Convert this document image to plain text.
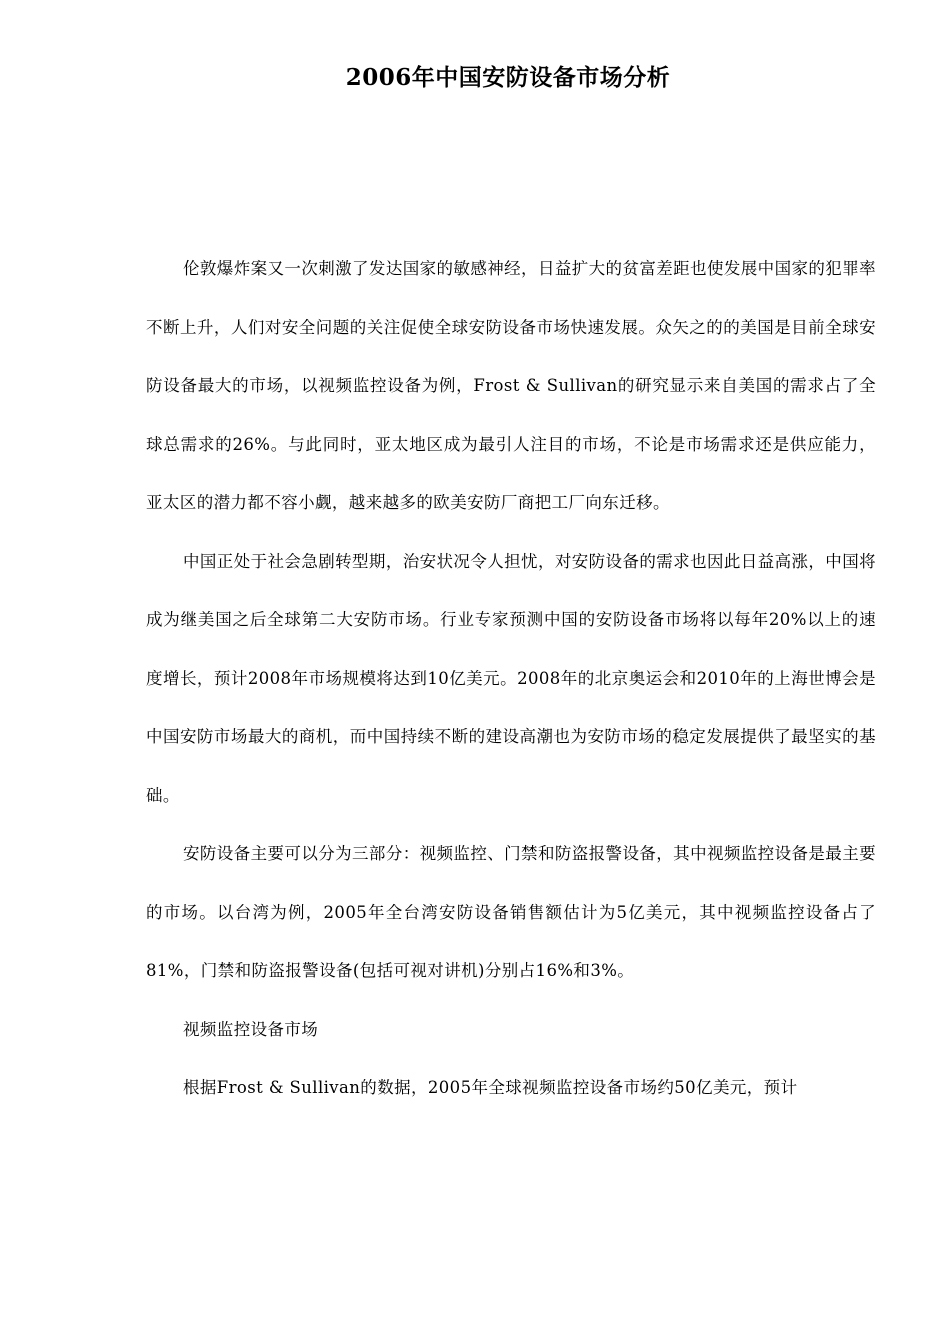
2006年中国安防设备市场分析

伦敦爆炸案又一次刺激了发达国家的敏感神经，日益扩大的贫富差距也使发展中国家的犯罪率不断上升，人们对安全问题的关注促使全球安防设备市场快速发展。众矢之的的美国是目前全球安防设备最大的市场，以视频监控设备为例，Frost & Sullivan的研究显示来自美国的需求占了全球总需求的26%。与此同时，亚太地区成为最引人注目的市场，不论是市场需求还是供应能力，亚太区的潜力都不容小觑，越来越多的欧美安防厂商把工厂向东迁移。

中国正处于社会急剧转型期，治安状况令人担忧，对安防设备的需求也因此日益高涨，中国将成为继美国之后全球第二大安防市场。行业专家预测中国的安防设备市场将以每年20%以上的速度增长，预计2008年市场规模将达到10亿美元。2008年的北京奥运会和2010年的上海世博会是中国安防市场最大的商机，而中国持续不断的建设高潮也为安防市场的稳定发展提供了最坚实的基础。

安防设备主要可以分为三部分：视频监控、门禁和防盗报警设备，其中视频监控设备是最主要的市场。以台湾为例，2005年全台湾安防设备销售额估计为5亿美元，其中视频监控设备占了81%，门禁和防盗报警设备(包括可视对讲机)分别占16%和3%。

视频监控设备市场

根据Frost & Sullivan的数据，2005年全球视频监控设备市场约50亿美元，预计
